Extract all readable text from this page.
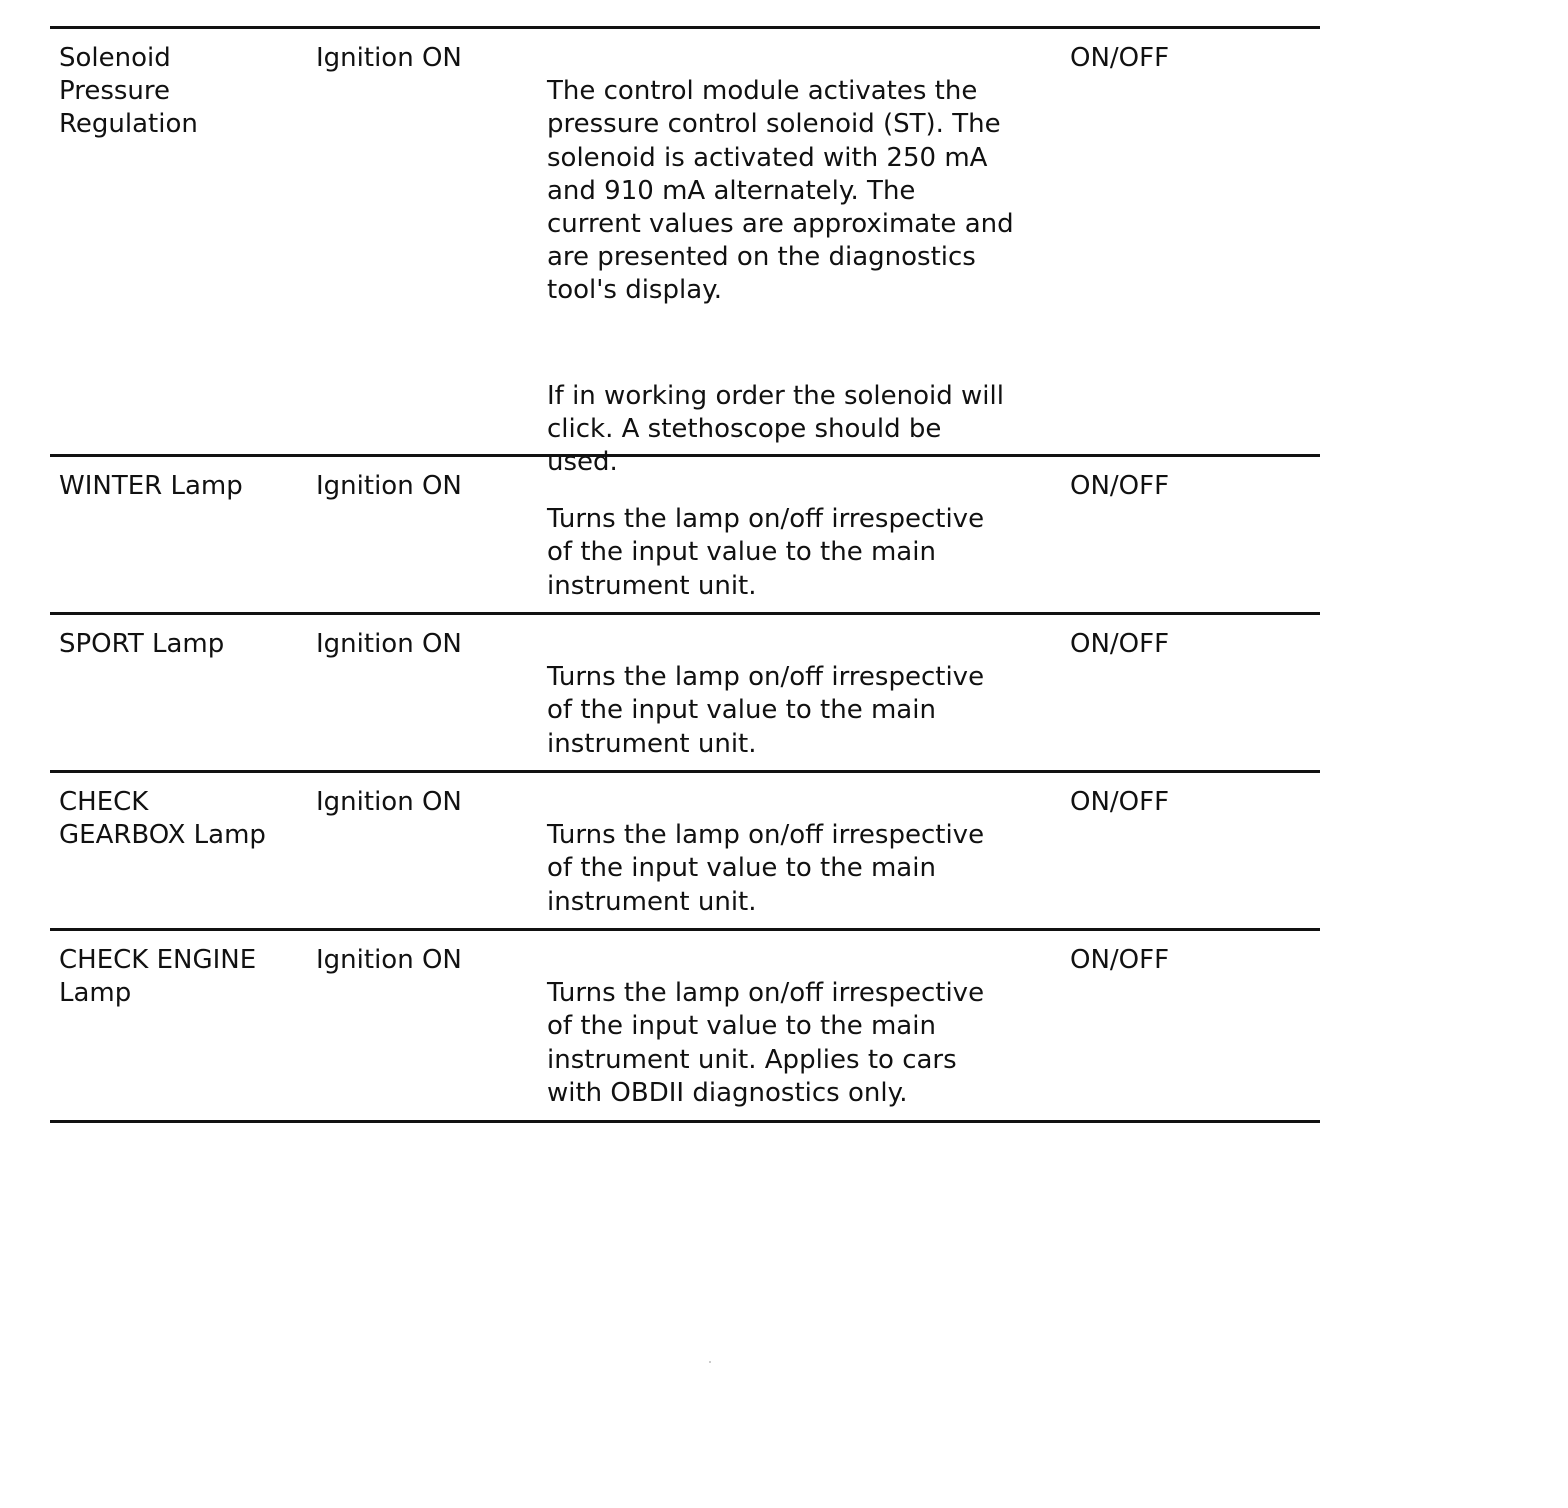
Solenoid
Pressure
Regulation
Ignition ON

The control module activates the
pressure control solenoid (ST). The
solenoid is activated with 250 mA
and 910 mA alternately. The
current values are approximate and
are presented on the diagnostics
tool's display.

If in working order the solenoid will
click. A stethoscope should be
used.

ON/OFF
WINTER Lamp	Ignition ON

Turns the lamp on/off irrespective
of the input value to the main
instrument unit.

ON/OFF
SPORT Lamp	Ignition ON

Turns the lamp on/off irrespective
of the input value to the main
instrument unit.

ON/OFF
CHECK
GEARBOX Lamp
Ignition ON

Turns the lamp on/off irrespective
of the input value to the main
instrument unit.

ON/OFF
CHECK ENGINE
Lamp
Ignition ON

Turns the lamp on/off irrespective
of the input value to the main
instrument unit. Applies to cars
with OBDII diagnostics only.

ON/OFF
